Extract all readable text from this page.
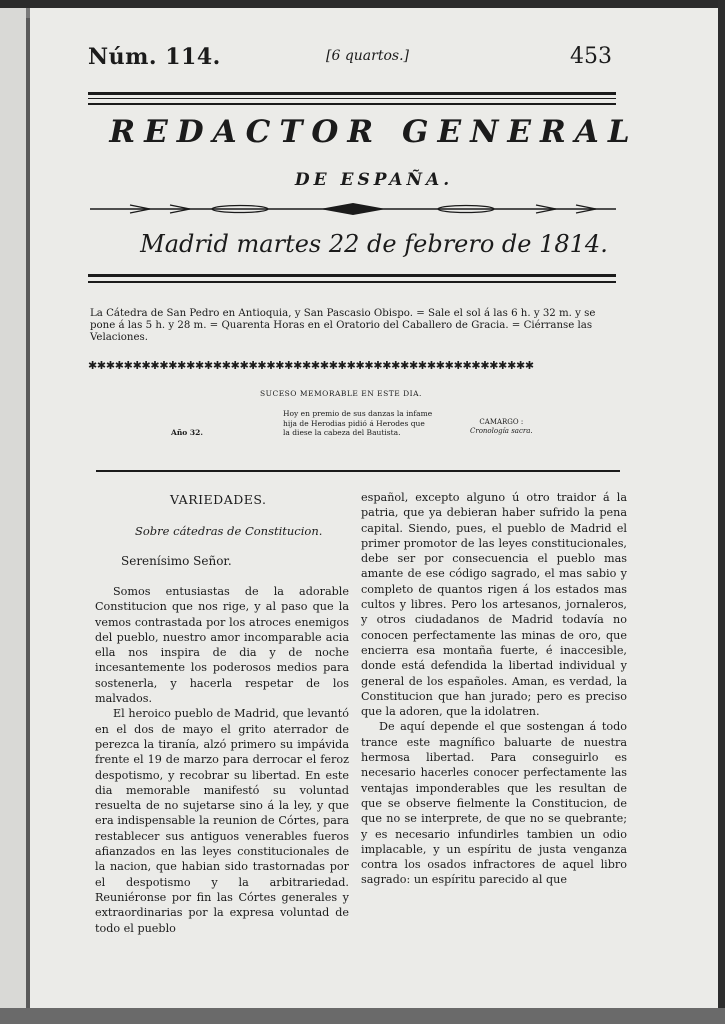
Núm. 114.	[6 quartos.]	453
REDACTOR GENERAL
DE ESPAÑA.
Madrid martes 22 de febrero de 1814.
La Cátedra de San Pedro en Antioquia, y San Pascasio Obispo. = Sale el sol á las 6 h. y 32 m. y se pone á las 5 h. y 28 m. = Quarenta Horas en el Oratorio del Caballero de Gracia. = Ciérranse las Velaciones.
✱✱✱✱✱✱✱✱✱✱✱✱✱✱✱✱✱✱✱✱✱✱✱✱✱✱✱✱✱✱✱✱✱✱✱✱✱✱✱✱✱✱✱✱✱✱✱✱✱✱
SUCESO MEMORABLE EN ESTE DIA.
Año 32.
Hoy en premio de sus danzas la infame hija de Herodias pidió á Herodes que la diese la cabeza del Bautista.
CAMARGO :
Cronología sacra.
VARIEDADES.
Sobre cátedras de Constitucion.
Serenísimo Señor.

Somos entusiastas de la adorable Constitucion que nos rige, y al paso que la vemos contrastada por los atroces enemigos del pueblo, nuestro amor incomparable acia ella nos inspira de dia y de noche incesantemente los poderosos medios para sostenerla, y hacerla respetar de los malvados.

El heroico pueblo de Madrid, que levantó en el dos de mayo el grito aterrador de perezca la tiranía, alzó primero su impávida frente el 19 de marzo para derrocar el feroz despotismo, y recobrar su libertad. En este dia memorable manifestó su voluntad resuelta de no sujetarse sino á la ley, y que era indispensable la reunion de Córtes, para restablecer sus antiguos venerables fueros afianzados en las leyes constitucionales de la nacion, que habian sido trastornadas por el despotismo y la arbitrariedad. Reuniéronse por fin las Córtes generales y extraordinarias por la expresa voluntad de todo el pueblo

español, excepto alguno ú otro traidor á la patria, que ya debieran haber sufrido la pena capital. Siendo, pues, el pueblo de Madrid el primer promotor de las leyes constitucionales, debe ser por consecuencia el pueblo mas amante de ese código sagrado, el mas sabio y completo de quantos rigen á los estados mas cultos y libres. Pero los artesanos, jornaleros, y otros ciudadanos de Madrid todavía no conocen perfectamente las minas de oro, que encierra esa montaña fuerte, é inaccesible, donde está defendida la libertad individual y general de los españoles. Aman, es verdad, la Constitucion que han jurado; pero es preciso que la adoren, que la idolatren.

De aquí depende el que sostengan á todo trance este magnífico baluarte de nuestra hermosa libertad. Para conseguirlo es necesario hacerles conocer perfectamente las ventajas imponderables que les resultan de que se observe fielmente la Constitucion, de que no se interprete, de que no se quebrante; y es necesario infundirles tambien un odio implacable, y un espíritu de justa venganza contra los osados infractores de aquel libro sagrado: un espíritu parecido al que
